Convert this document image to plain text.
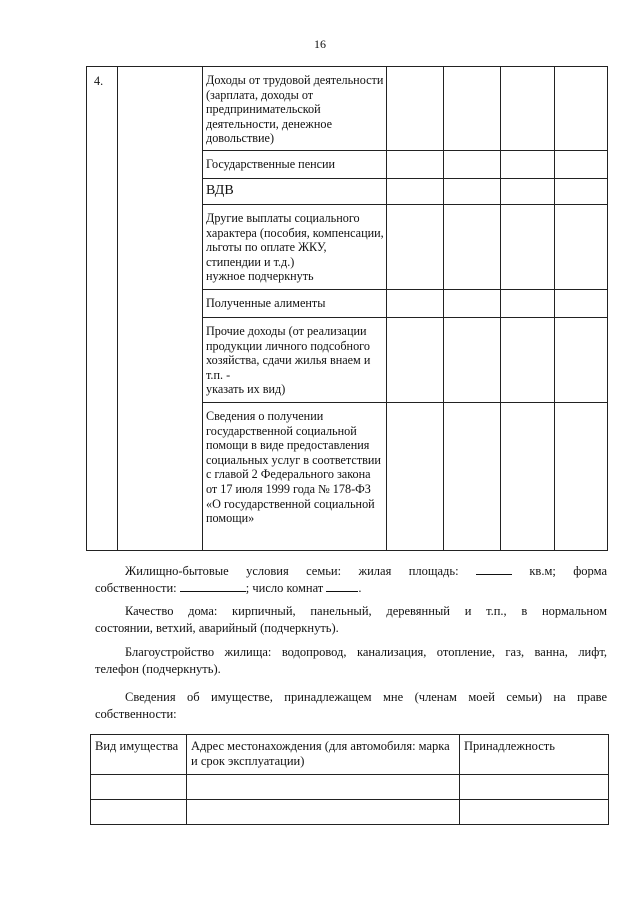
16
4.		Доходы от трудовой деятельности (зарплата, доходы от предпринимательской деятельности, денежное довольствие)				
		Государственные пенсии				
		ВДВ				
		Другие выплаты социального характера (пособия, компенсации, льготы по оплате ЖКУ, стипендии и т.д.)
нужное подчеркнуть				
		Полученные алименты				
		Прочие доходы (от реализации продукции личного подсобного хозяйства, сдачи жилья внаем и т.п. -
указать их вид)				
		Сведения о получении государственной социальной помощи в виде предоставления социальных услуг в соответствии с главой 2 Федерального закона от 17 июля 1999 года № 178-ФЗ «О государственной социальной помощи»				
Жилищно-бытовые условия семьи: жилая площадь:	кв.м; форма
собственности:	; число комнат	.
Качество дома: кирпичный, панельный, деревянный и т.п., в нормальном
состоянии, ветхий, аварийный (подчеркнуть).
Благоустройство жилища: водопровод, канализация, отопление, газ, ванна, лифт,
телефон (подчеркнуть).
Сведения об имуществе, принадлежащем мне (членам моей семьи) на праве
собственности:
Вид имущества	Адрес местонахождения (для автомобиля: марка и срок эксплуатации)	Принадлежность
